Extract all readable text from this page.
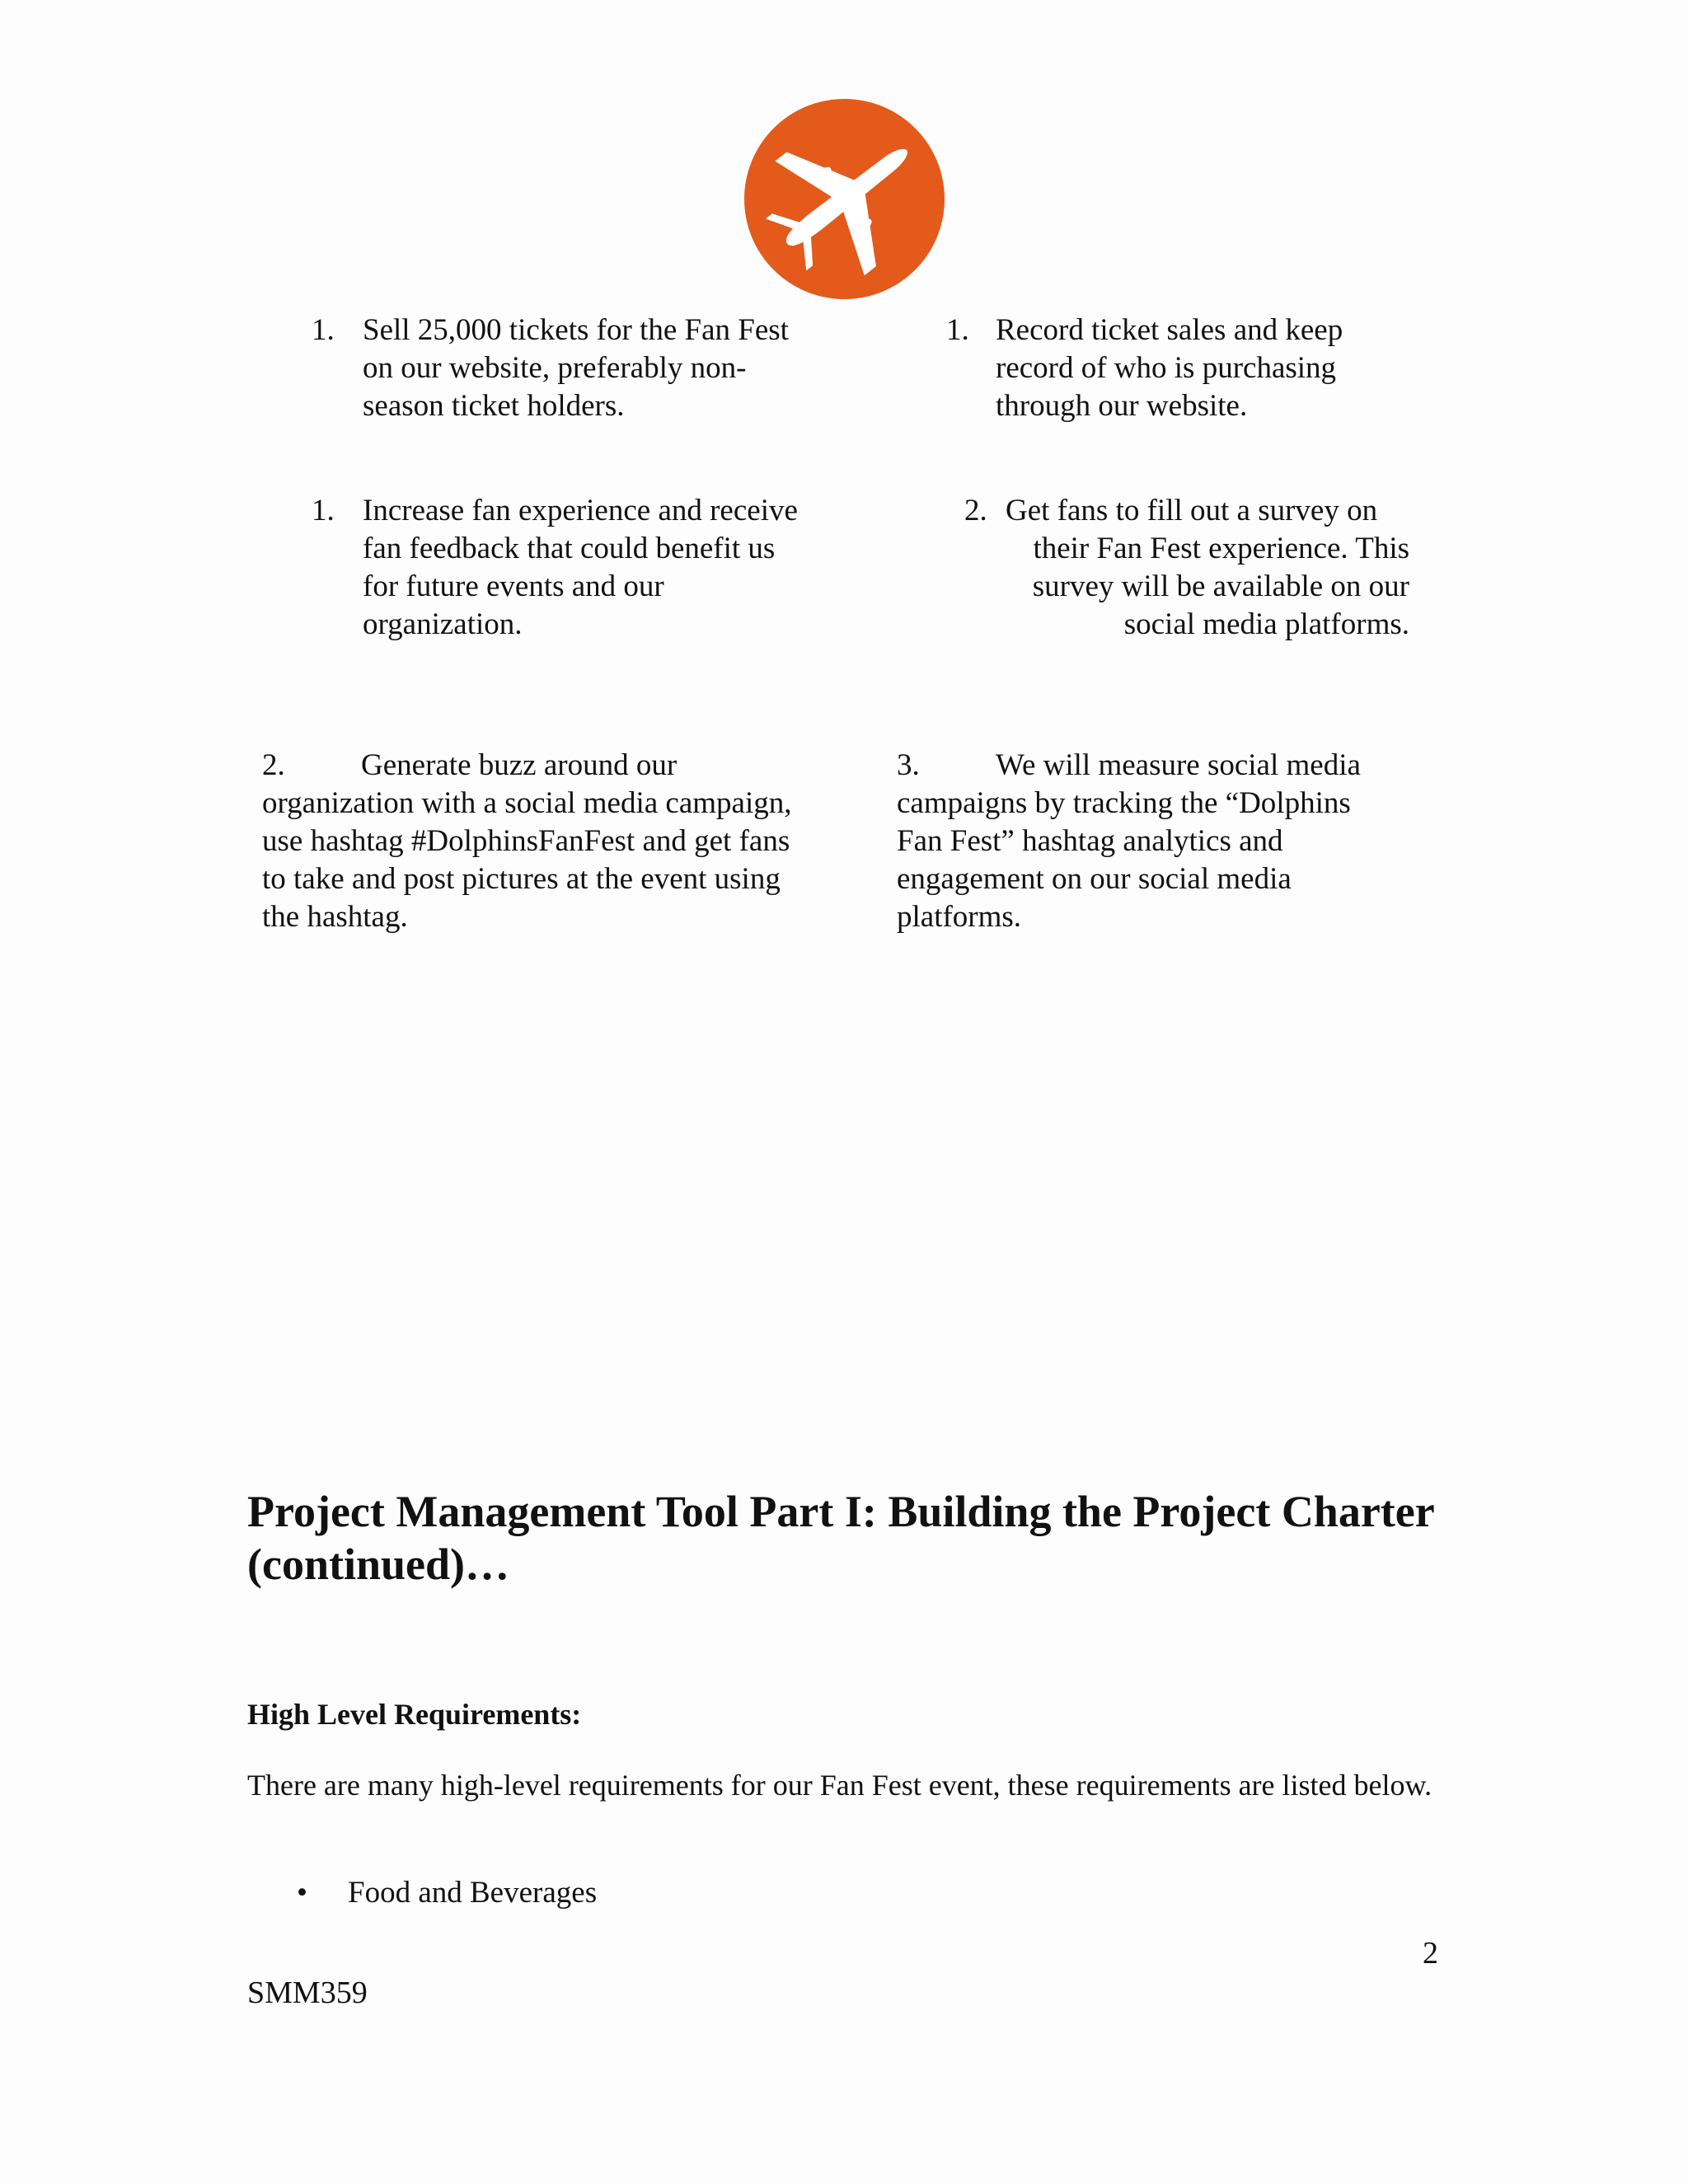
1. Sell 25,000 tickets for the Fan Fest
on our website, preferably non-
season ticket holders.
1. Record ticket sales and keep
record of who is purchasing
through our website.
1. Increase fan experience and receive
fan feedback that could benefit us
for future events and our
organization.
2. Get fans to fill out a survey on
their Fan Fest experience. This
survey will be available on our
social media platforms.
2.	Generate buzz around our
organization with a social media campaign,
use hashtag #DolphinsFanFest and get fans
to take and post pictures at the event using
the hashtag.
3.	We will measure social media
campaigns by tracking the “Dolphins
Fan Fest” hashtag analytics and
engagement on our social media
platforms.
Project Management Tool Part I: Building the Project Charter (continued)…
High Level Requirements:

There are many high-level requirements for our Fan Fest event, these requirements are listed below.

• Food and Beverages
2
SMM359
